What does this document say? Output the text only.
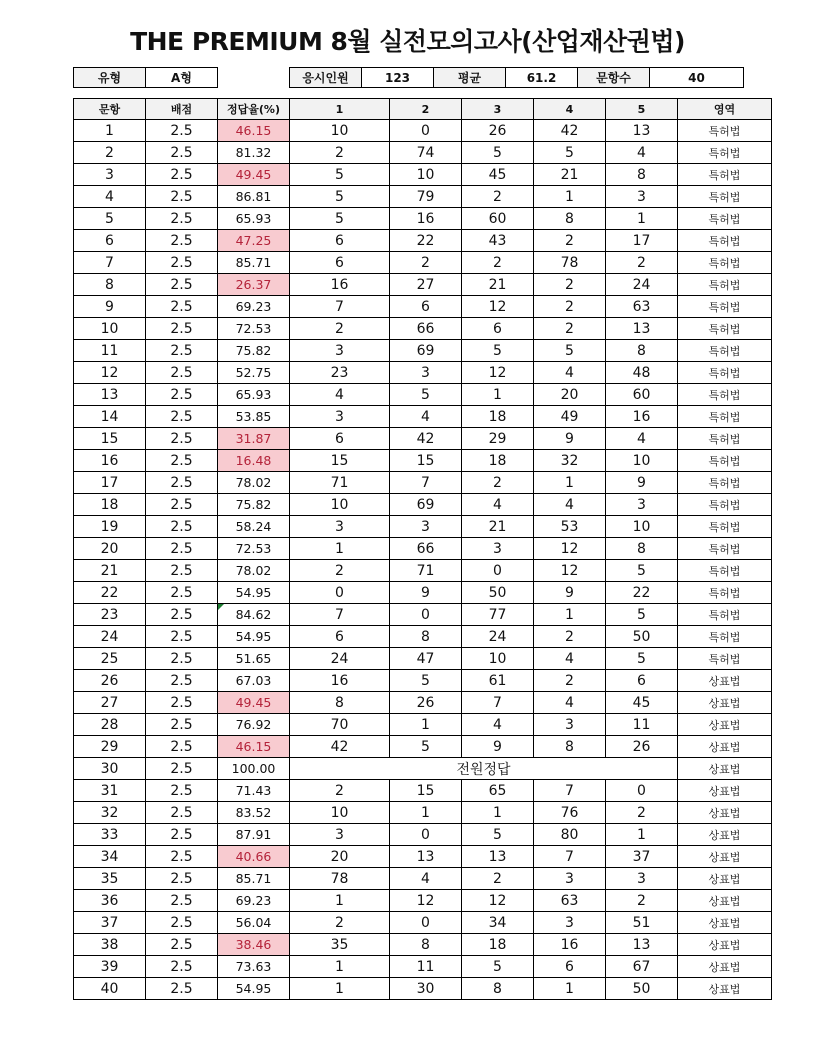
THE PREMIUM 8월 실전모의고사(산업재산권법)
유형	A형		응시인원	123	평균	61.2	문항수	40
문항	배점	정답율(%)	1	2	3	4	5	영역
1	2.5	46.15	10	0	26	42	13	특허법
2	2.5	81.32	2	74	5	5	4	특허법
3	2.5	49.45	5	10	45	21	8	특허법
4	2.5	86.81	5	79	2	1	3	특허법
5	2.5	65.93	5	16	60	8	1	특허법
6	2.5	47.25	6	22	43	2	17	특허법
7	2.5	85.71	6	2	2	78	2	특허법
8	2.5	26.37	16	27	21	2	24	특허법
9	2.5	69.23	7	6	12	2	63	특허법
10	2.5	72.53	2	66	6	2	13	특허법
11	2.5	75.82	3	69	5	5	8	특허법
12	2.5	52.75	23	3	12	4	48	특허법
13	2.5	65.93	4	5	1	20	60	특허법
14	2.5	53.85	3	4	18	49	16	특허법
15	2.5	31.87	6	42	29	9	4	특허법
16	2.5	16.48	15	15	18	32	10	특허법
17	2.5	78.02	71	7	2	1	9	특허법
18	2.5	75.82	10	69	4	4	3	특허법
19	2.5	58.24	3	3	21	53	10	특허법
20	2.5	72.53	1	66	3	12	8	특허법
21	2.5	78.02	2	71	0	12	5	특허법
22	2.5	54.95	0	9	50	9	22	특허법
23	2.5	84.62	7	0	77	1	5	특허법
24	2.5	54.95	6	8	24	2	50	특허법
25	2.5	51.65	24	47	10	4	5	특허법
26	2.5	67.03	16	5	61	2	6	상표법
27	2.5	49.45	8	26	7	4	45	상표법
28	2.5	76.92	70	1	4	3	11	상표법
29	2.5	46.15	42	5	9	8	26	상표법
30	2.5	100.00	전원정답					상표법
31	2.5	71.43	2	15	65	7	0	상표법
32	2.5	83.52	10	1	1	76	2	상표법
33	2.5	87.91	3	0	5	80	1	상표법
34	2.5	40.66	20	13	13	7	37	상표법
35	2.5	85.71	78	4	2	3	3	상표법
36	2.5	69.23	1	12	12	63	2	상표법
37	2.5	56.04	2	0	34	3	51	상표법
38	2.5	38.46	35	8	18	16	13	상표법
39	2.5	73.63	1	11	5	6	67	상표법
40	2.5	54.95	1	30	8	1	50	상표법
